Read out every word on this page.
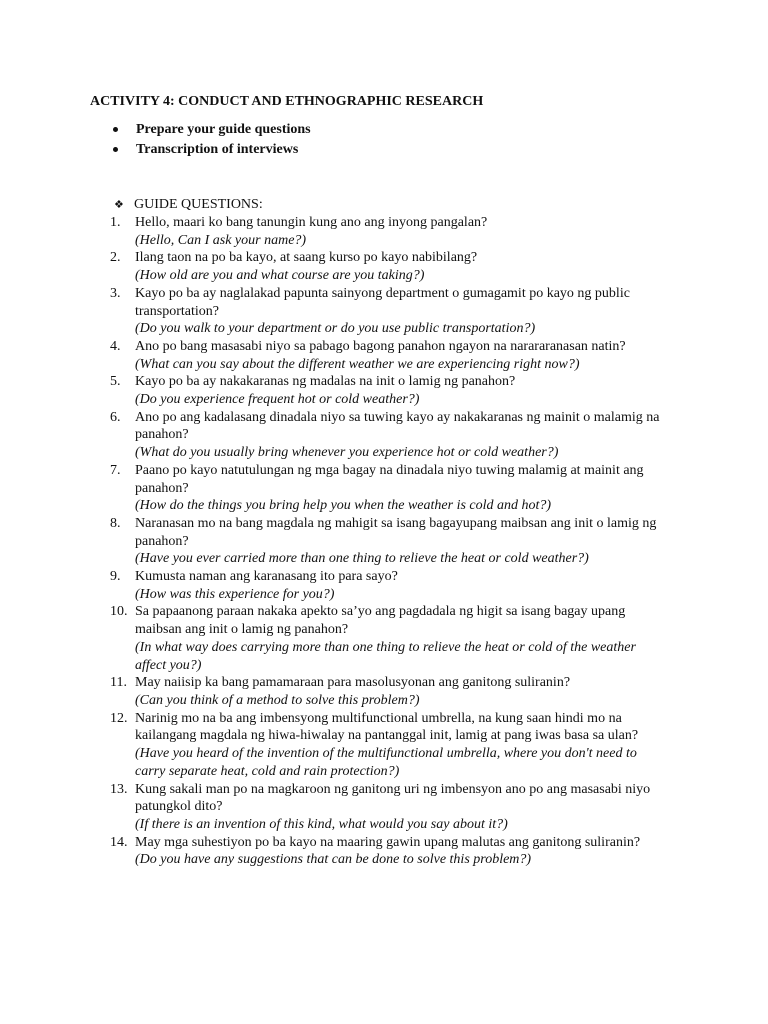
ACTIVITY 4: CONDUCT AND ETHNOGRAPHIC RESEARCH
Prepare your guide questions
Transcription of interviews
❖ GUIDE QUESTIONS:
1. Hello, maari ko bang tanungin kung ano ang inyong pangalan?
(Hello, Can I ask your name?)
2. Ilang taon na po ba kayo, at saang kurso po kayo nabibilang?
(How old are you and what course are you taking?)
3. Kayo po ba ay naglalakad papunta sainyong department o gumagamit po kayo ng public transportation?
(Do you walk to your department or do you use public transportation?)
4. Ano po bang masasabi niyo sa pabago bagong panahon ngayon na narararanasan natin?
(What can you say about the different weather we are experiencing right now?)
5. Kayo po ba ay nakakaranas ng madalas na init o lamig ng panahon?
(Do you experience frequent hot or cold weather?)
6. Ano po ang kadalasang dinadala niyo sa tuwing kayo ay nakakaranas ng mainit o malamig na panahon?
(What do you usually bring whenever you experience hot or cold weather?)
7. Paano po kayo natutulungan ng mga bagay na dinadala niyo tuwing malamig at mainit ang panahon?
(How do the things you bring help you when the weather is cold and hot?)
8. Naranasan mo na bang magdala ng mahigit sa isang bagayupang maibsan ang init o lamig ng panahon?
(Have you ever carried more than one thing to relieve the heat or cold weather?)
9. Kumusta naman ang karanasang ito para sayo?
(How was this experience for you?)
10. Sa papaanong paraan nakaka apekto sa’yo ang pagdadala ng higit sa isang bagay upang maibsan ang init o lamig ng panahon?
(In what way does carrying more than one thing to relieve the heat or cold of the weather affect you?)
11. May naiisip ka bang pamamaraan para masolusyonan ang ganitong suliranin?
(Can you think of a method to solve this problem?)
12. Narinig mo na ba ang imbensyong multifunctional umbrella, na kung saan hindi mo na kailangang magdala ng hiwa-hiwalay na pantanggal init, lamig at pang iwas basa sa ulan?
(Have you heard of the invention of the multifunctional umbrella, where you don't need to carry separate heat, cold and rain protection?)
13. Kung sakali man po na magkaroon ng ganitong uri ng imbensyon ano po ang masasabi niyo patungkol dito?
(If there is an invention of this kind, what would you say about it?)
14. May mga suhestiyon po ba kayo na maaring gawin upang malutas ang ganitong suliranin?
(Do you have any suggestions that can be done to solve this problem?)
